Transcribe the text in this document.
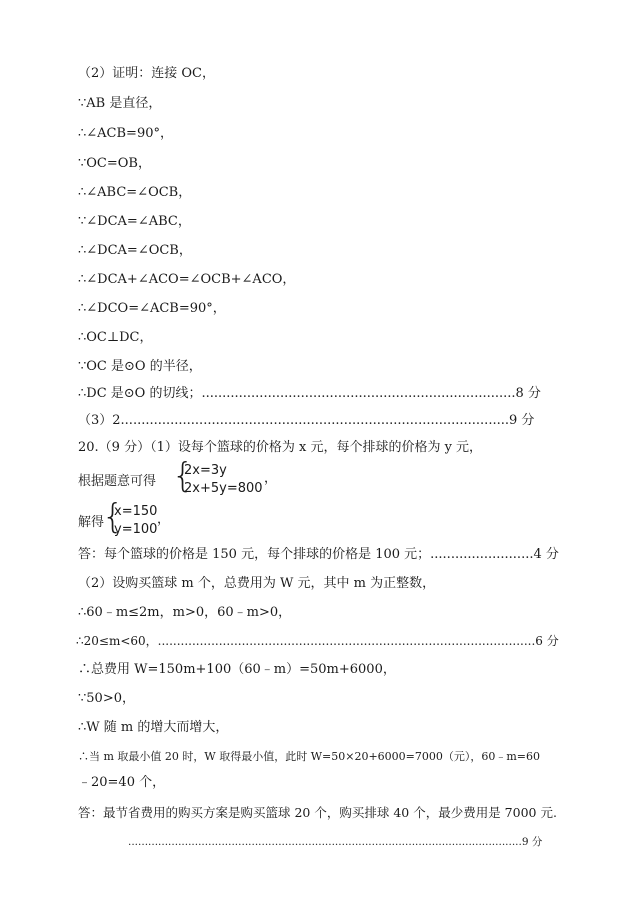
（2）证明：连接 OC，
∵AB 是直径，
∴∠ACB=90°，
∵OC=OB，
∴∠ABC=∠OCB，
∵∠DCA=∠ABC，
∴∠DCA=∠OCB，
∴∠DCA+∠ACO=∠OCB+∠ACO，
∴∠DCO=∠ACB=90°，
∴OC⊥DC，
∵OC 是⊙O 的半径，
∴DC 是⊙O 的切线；............................................................................8 分
（3）2..............................................................................................9 分
20.（9 分）（1）设每个篮球的价格为 x 元，每个排球的价格为 y 元，
根据题意可得 {
2x=3y
2x+5y=800
，
解得
{
x=150
y=100
，
答：每个篮球的价格是 150 元，每个排球的价格是 100 元；.........................4 分
（2）设购买篮球 m 个，总费用为 W 元，其中 m 为正整数，
∴60﹣m≤2m，m>0，60﹣m>0，
∴20≤m<60，...................................................................................................6 分
∴总费用 W=150m+100（60﹣m）=50m+6000，
∵50>0，
∴W 随 m 的增大而增大，
∴当 m 取最小值 20 时，W 取得最小值，此时 W=50×20+6000=7000（元），60﹣m=60
﹣20=40 个，
答：最节省费用的购买方案是购买篮球 20 个，购买排球 40 个，最少费用是 7000 元.
......................................................................................................................9 分
